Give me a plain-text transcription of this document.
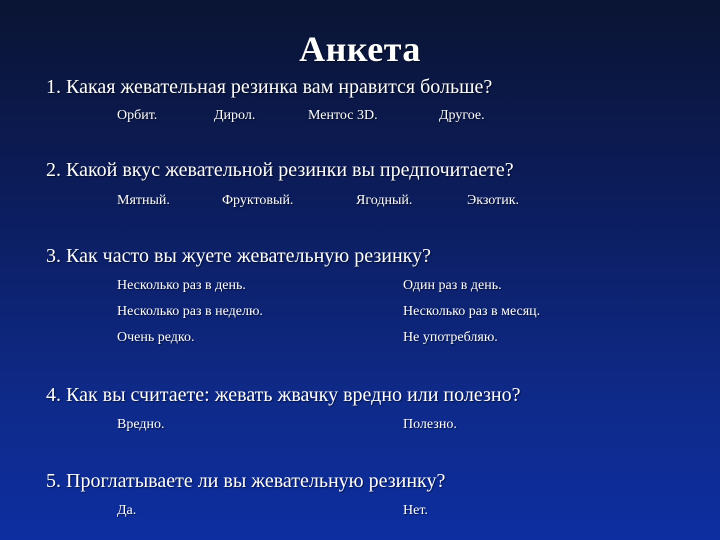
Анкета
1. Какая жевательная резинка вам нравится больше?
Орбит.	Дирол.	Ментос 3D.	Другое.
2. Какой вкус жевательной резинки вы предпочитаете?
Мятный.	Фруктовый.	Ягодный.	Экзотик.
3. Как часто вы жуете жевательную резинку?
Несколько раз в день.	Один раз в день.
Несколько раз в неделю.	Несколько раз в месяц.
Очень редко.	Не употребляю.
4. Как вы считаете: жевать жвачку вредно или полезно?
Вредно.	Полезно.
5. Проглатываете ли вы жевательную резинку?
Да.	Нет.
